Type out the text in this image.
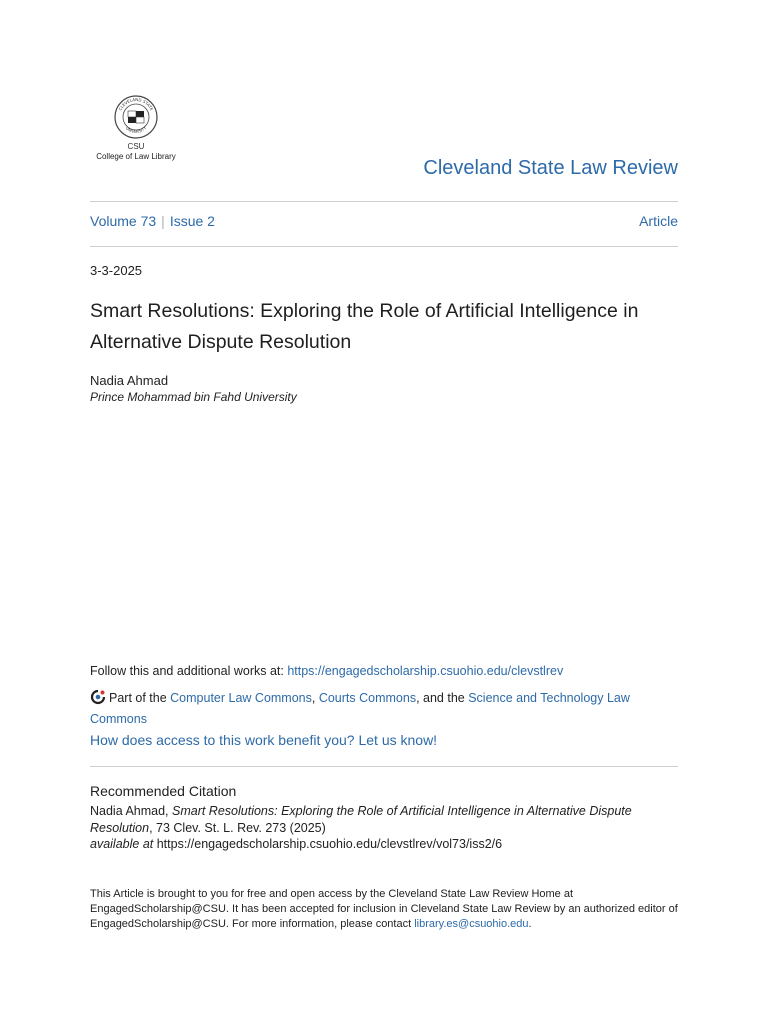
CLEVELAND STATE
UNIVERSITY
CSU
College of Law Library
Cleveland State Law Review
Volume 73 | Issue 2	Article
3-3-2025
Smart Resolutions: Exploring the Role of Artificial Intelligence in Alternative Dispute Resolution
Nadia Ahmad
Prince Mohammad bin Fahd University
Follow this and additional works at: https://engagedscholarship.csuohio.edu/clevstlrev
Part of the Computer Law Commons, Courts Commons, and the Science and Technology Law Commons
How does access to this work benefit you? Let us know!
Recommended Citation
Nadia Ahmad, Smart Resolutions: Exploring the Role of Artificial Intelligence in Alternative Dispute Resolution, 73 Clev. St. L. Rev. 273 (2025)
available at https://engagedscholarship.csuohio.edu/clevstlrev/vol73/iss2/6
This Article is brought to you for free and open access by the Cleveland State Law Review Home at EngagedScholarship@CSU. It has been accepted for inclusion in Cleveland State Law Review by an authorized editor of EngagedScholarship@CSU. For more information, please contact library.es@csuohio.edu.
